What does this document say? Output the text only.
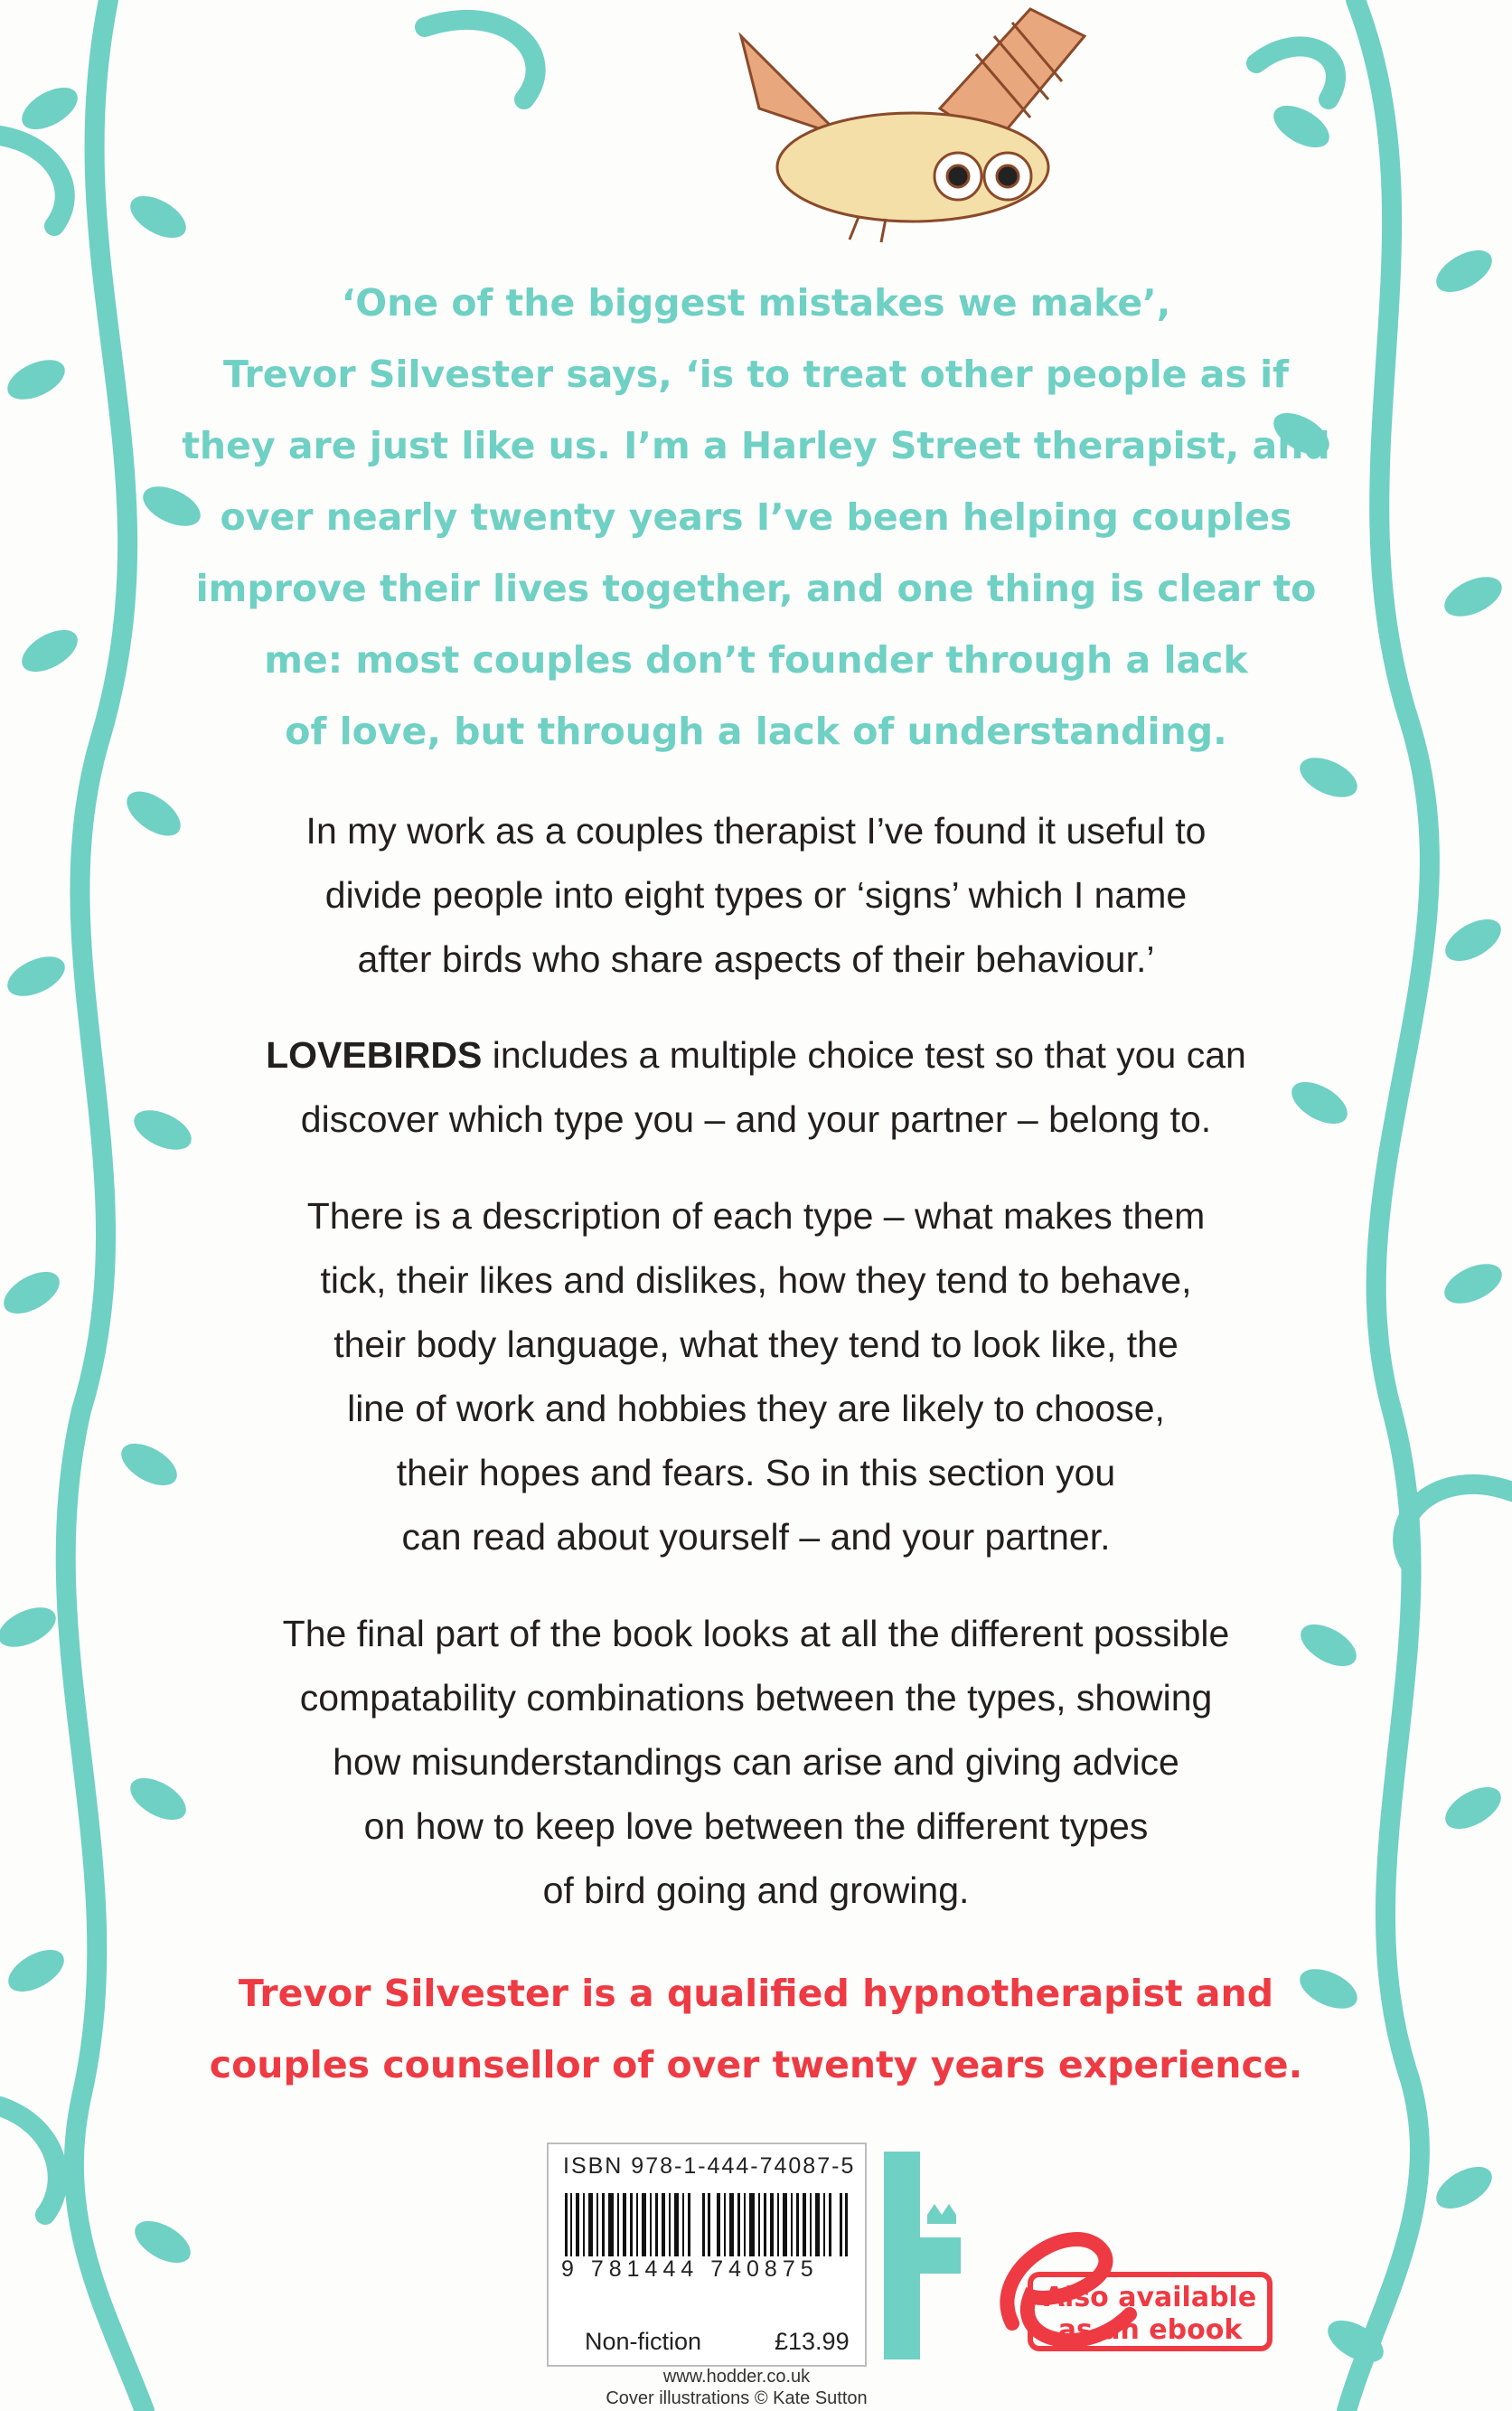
‘One of the biggest mistakes we make’,
Trevor Silvester says, ‘is to treat other people as if
they are just like us. I’m a Harley Street therapist, and
over nearly twenty years I’ve been helping couples
improve their lives together, and one thing is clear to
me: most couples don’t founder through a lack
of love, but through a lack of understanding.

In my work as a couples therapist I’ve found it useful to
divide people into eight types or ‘signs’ which I name
after birds who share aspects of their behaviour.’

LOVEBIRDS includes a multiple choice test so that you can
discover which type you – and your partner – belong to.

There is a description of each type – what makes them
tick, their likes and dislikes, how they tend to behave,
their body language, what they tend to look like, the
line of work and hobbies they are likely to choose,
their hopes and fears. So in this section you
can read about yourself – and your partner.

The final part of the book looks at all the different possible
compatability combinations between the types, showing
how misunderstandings can arise and giving advice
on how to keep love between the different types
of bird going and growing.

Trevor Silvester is a qualified hypnotherapist and
couples counsellor of over twenty years experience.

ISBN 978-1-444-74087-5
9 781444 740875
Non-fiction	£13.99
Also available
as an ebook
www.hodder.co.uk
Cover illustrations © Kate Sutton
